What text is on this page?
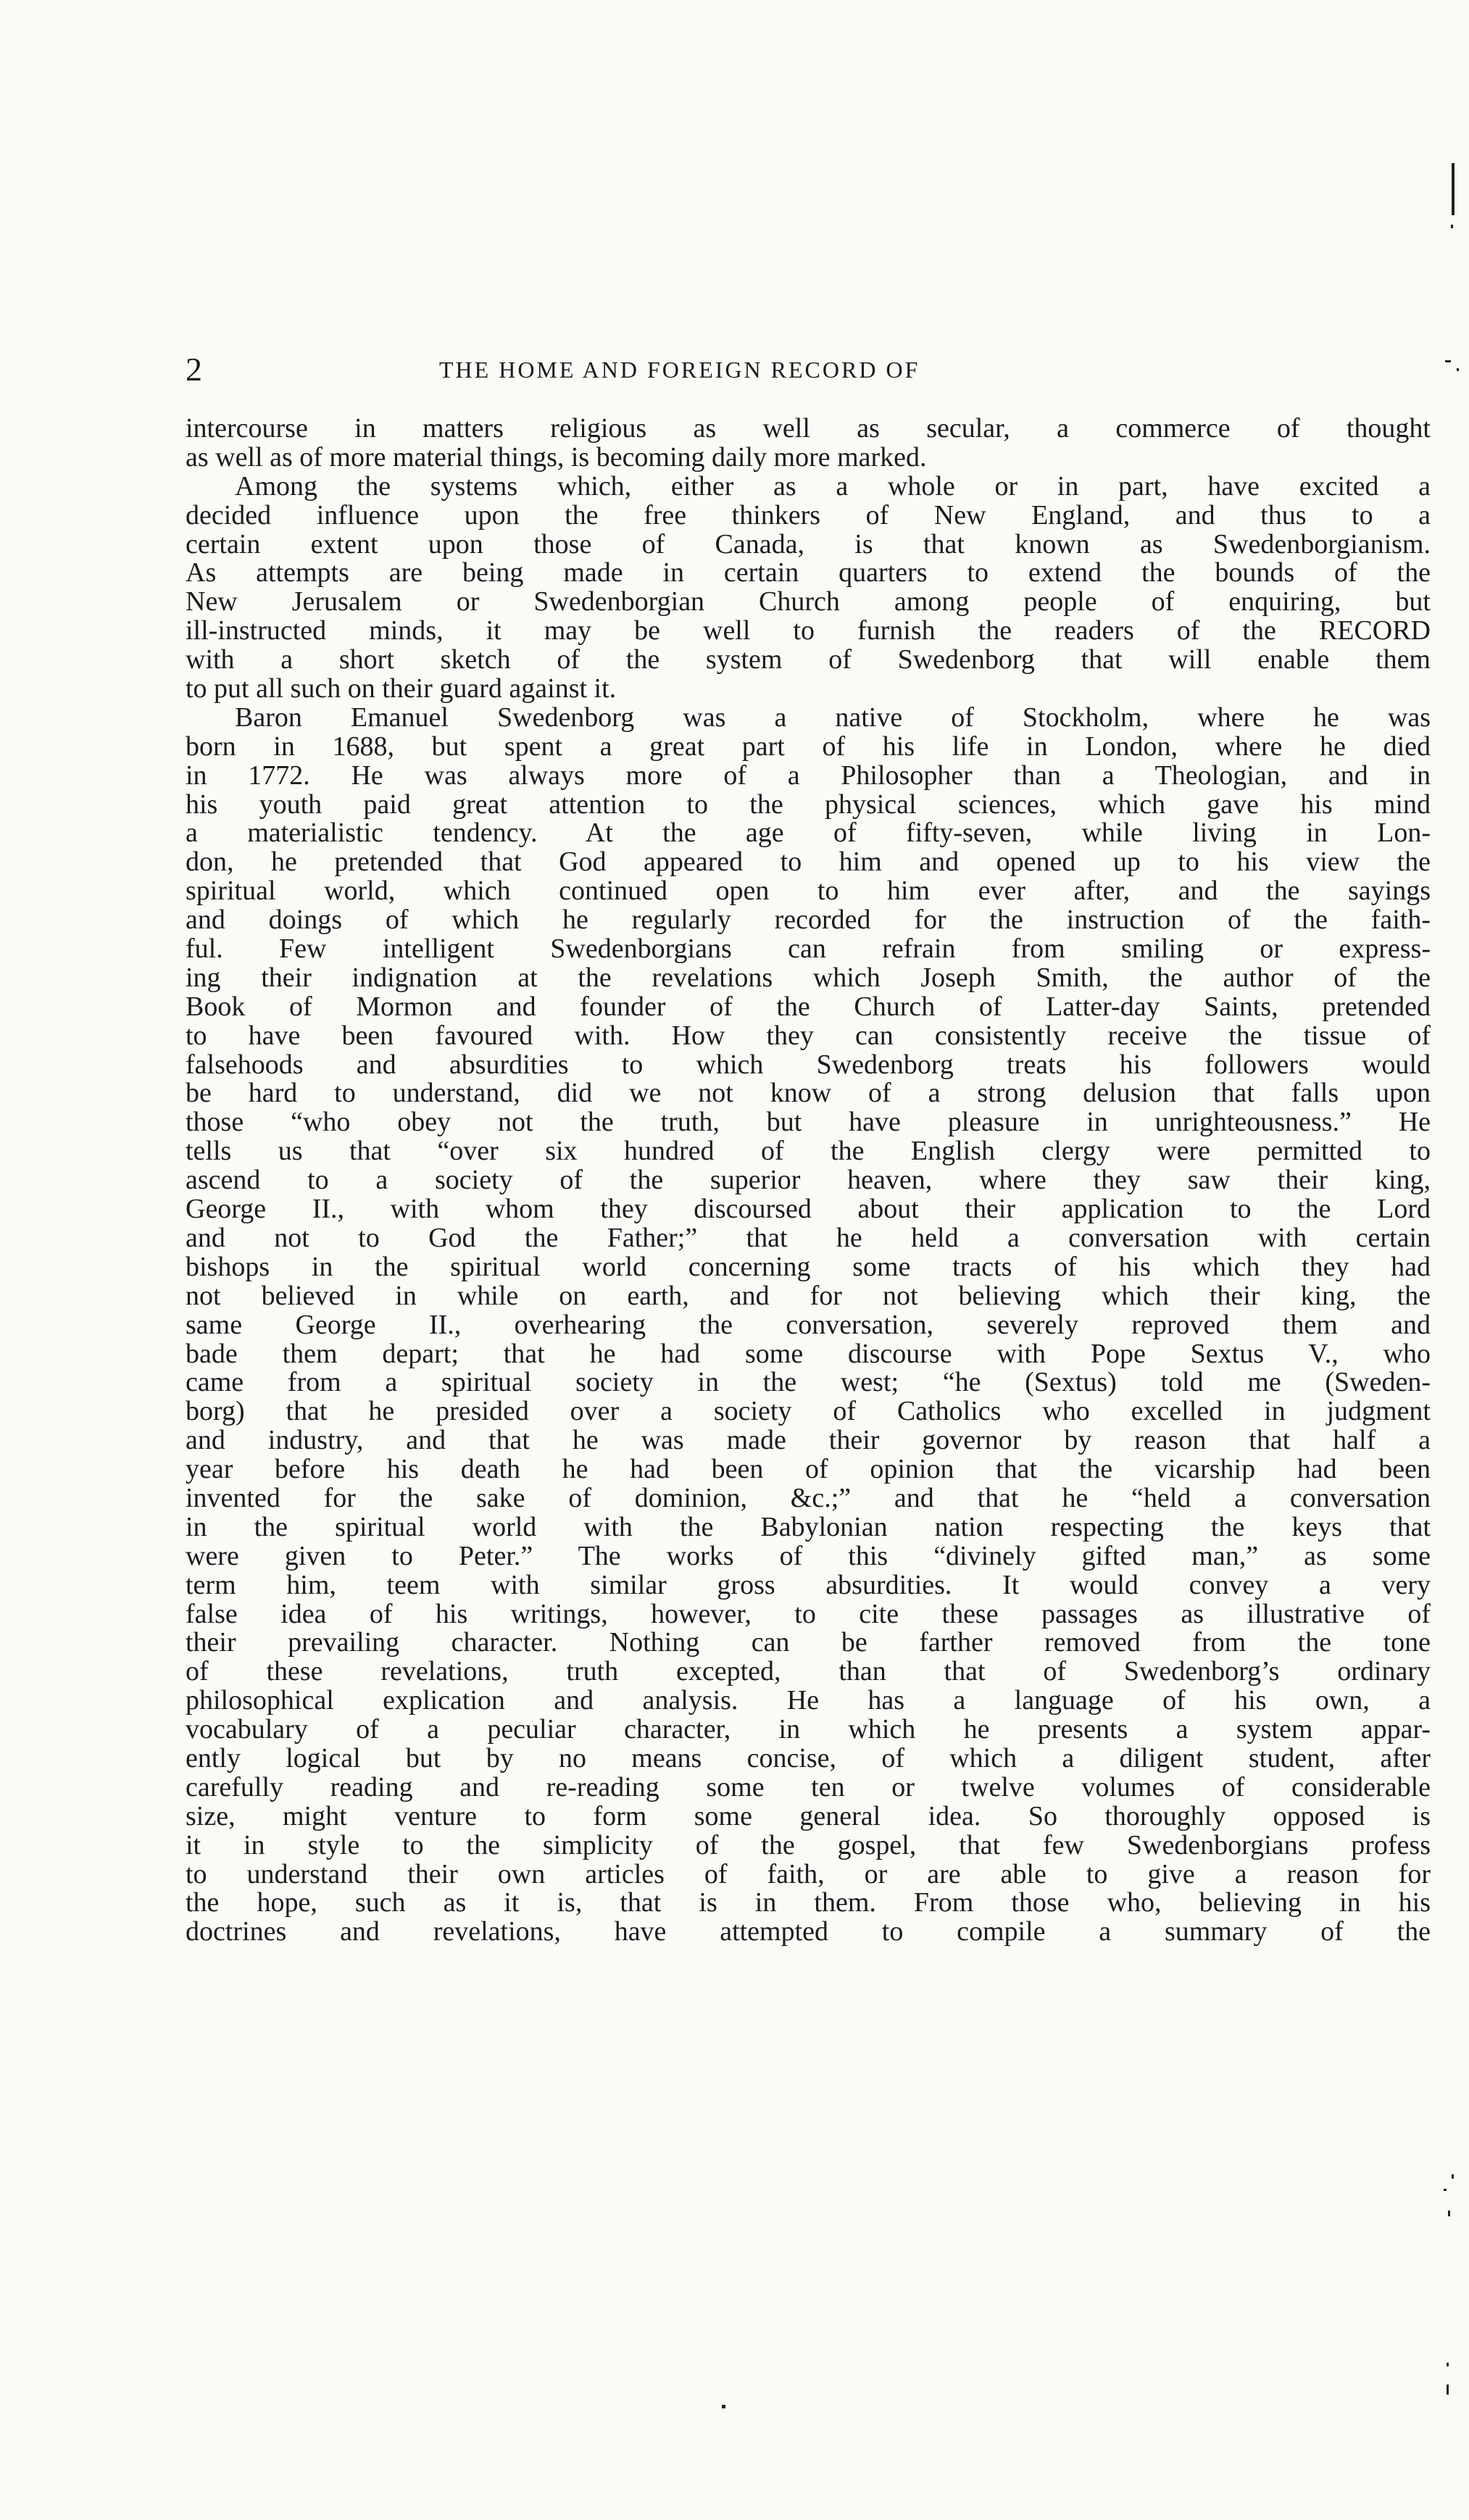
2	THE HOME AND FOREIGN RECORD OF
intercourse in matters religious as well as secular, a commerce of thought
as well as of more material things, is becoming daily more marked.
Among the systems which, either as a whole or in part, have excited a
decided influence upon the free thinkers of New England, and thus to a
certain extent upon those of Canada, is that known as Swedenborgianism.
As attempts are being made in certain quarters to extend the bounds of the
New Jerusalem or Swedenborgian Church among people of enquiring, but
ill-instructed minds, it may be well to furnish the readers of the RECORD
with a short sketch of the system of Swedenborg that will enable them
to put all such on their guard against it.
Baron Emanuel Swedenborg was a native of Stockholm, where he was
born in 1688, but spent a great part of his life in London, where he died
in 1772. He was always more of a Philosopher than a Theologian, and in
his youth paid great attention to the physical sciences, which gave his mind
a materialistic tendency. At the age of fifty-seven, while living in Lon-
don, he pretended that God appeared to him and opened up to his view the
spiritual world, which continued open to him ever after, and the sayings
and doings of which he regularly recorded for the instruction of the faith-
ful. Few intelligent Swedenborgians can refrain from smiling or express-
ing their indignation at the revelations which Joseph Smith, the author of the
Book of Mormon and founder of the Church of Latter-day Saints, pretended
to have been favoured with. How they can consistently receive the tissue of
falsehoods and absurdities to which Swedenborg treats his followers would
be hard to understand, did we not know of a strong delusion that falls upon
those “who obey not the truth, but have pleasure in unrighteousness.” He
tells us that “over six hundred of the English clergy were permitted to
ascend to a society of the superior heaven, where they saw their king,
George II., with whom they discoursed about their application to the Lord
and not to God the Father;” that he held a conversation with certain
bishops in the spiritual world concerning some tracts of his which they had
not believed in while on earth, and for not believing which their king, the
same George II., overhearing the conversation, severely reproved them and
bade them depart; that he had some discourse with Pope Sextus V., who
came from a spiritual society in the west; “he (Sextus) told me (Sweden-
borg) that he presided over a society of Catholics who excelled in judgment
and industry, and that he was made their governor by reason that half a
year before his death he had been of opinion that the vicarship had been
invented for the sake of dominion, &c.;” and that he “held a conversation
in the spiritual world with the Babylonian nation respecting the keys that
were given to Peter.” The works of this “divinely gifted man,” as some
term him, teem with similar gross absurdities. It would convey a very
false idea of his writings, however, to cite these passages as illustrative of
their prevailing character. Nothing can be farther removed from the tone
of these revelations, truth excepted, than that of Swedenborg’s ordinary
philosophical explication and analysis. He has a language of his own, a
vocabulary of a peculiar character, in which he presents a system appar-
ently logical but by no means concise, of which a diligent student, after
carefully reading and re-reading some ten or twelve volumes of considerable
size, might venture to form some general idea. So thoroughly opposed is
it in style to the simplicity of the gospel, that few Swedenborgians profess
to understand their own articles of faith, or are able to give a reason for
the hope, such as it is, that is in them. From those who, believing in his
doctrines and revelations, have attempted to compile a summary of the
